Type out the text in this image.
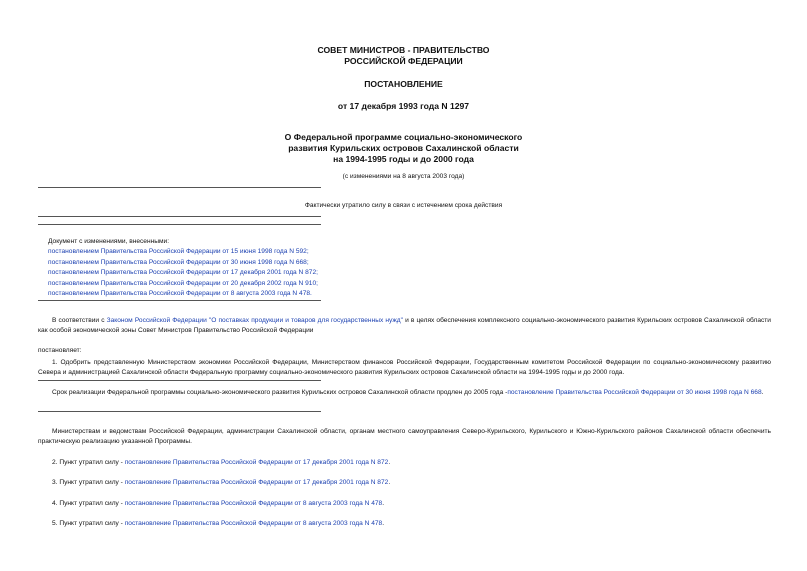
СОВЕТ МИНИСТРОВ - ПРАВИТЕЛЬСТВО
РОССИЙСКОЙ ФЕДЕРАЦИИ
ПОСТАНОВЛЕНИЕ
от 17 декабря 1993 года N 1297
О Федеральной программе социально-экономического
развития Курильских островов Сахалинской области
на 1994-1995 годы и до 2000 года
(с изменениями на 8 августа 2003 года)
Фактически утратило силу в связи с истечением срока действия
Документ с изменениями, внесенными:
постановлением Правительства Российской Федерации от 15 июня 1998 года N 592;
постановлением Правительства Российской Федерации от 30 июня 1998 года N 668;
постановлением Правительства Российской Федерации от 17 декабря 2001 года N 872;
постановлением Правительства Российской Федерации от 20 декабря 2002 года N 910;
постановлением Правительства Российской Федерации от 8 августа 2003 года N 478.
В соответствии с Законом Российской Федерации "О поставках продукции и товаров для государственных нужд" и в целях обеспечения комплексного социально-экономического развития Курильских островов Сахалинской области как особой экономической зоны Совет Министров Правительство Российской Федерации
постановляет:
1. Одобрить представленную Министерством экономики Российской Федерации, Министерством финансов Российской Федерации, Государственным комитетом Российской Федерации по социально-экономическому развитию Севера и администрацией Сахалинской области Федеральную программу социально-экономического развития Курильских островов Сахалинской области на 1994-1995 годы и до 2000 года.
Срок реализации Федеральной программы социально-экономического развития Курильских островов Сахалинской области продлен до 2005 года -постановление Правительства Российской Федерации от 30 июня 1998 года N 668.
Министерствам и ведомствам Российской Федерации, администрации Сахалинской области, органам местного самоуправления Северо-Курильского, Курильского и Южно-Курильского районов Сахалинской области обеспечить практическую реализацию указанной Программы.
2. Пункт утратил силу - постановление Правительства Российской Федерации от 17 декабря 2001 года N 872.
3. Пункт утратил силу - постановление Правительства Российской Федерации от 17 декабря 2001 года N 872.
4. Пункт утратил силу - постановление Правительства Российской Федерации от 8 августа 2003 года N 478.
5. Пункт утратил силу - постановление Правительства Российской Федерации от 8 августа 2003 года N 478.
